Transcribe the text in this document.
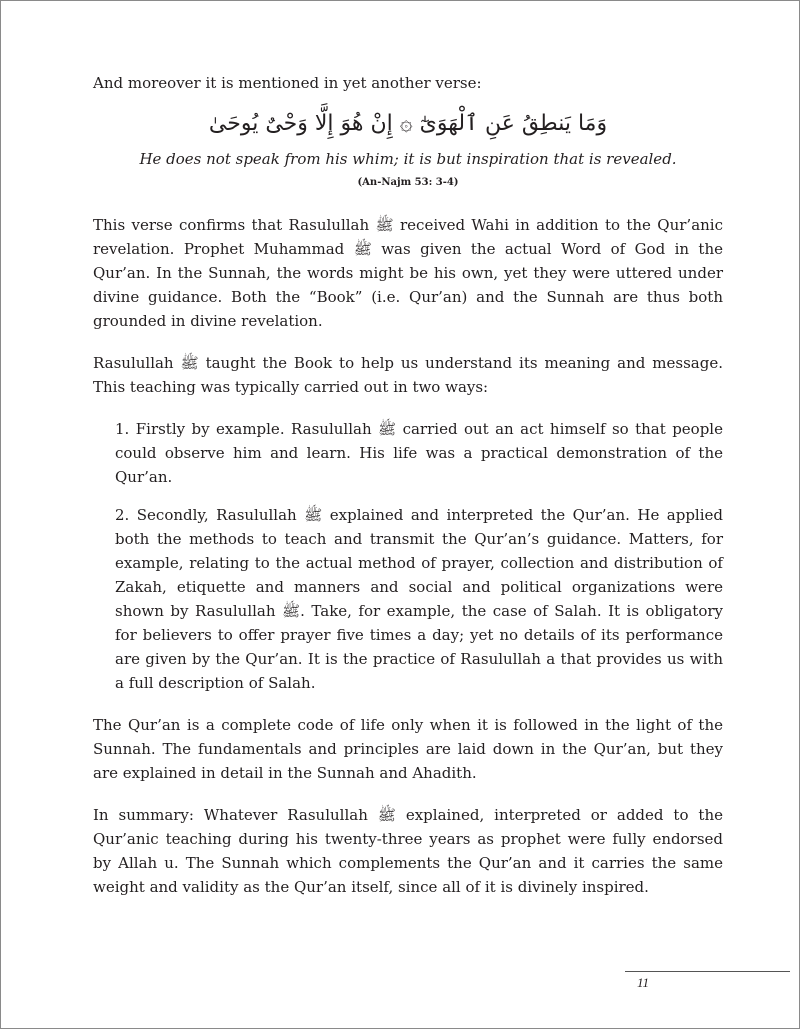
And moreover it is mentioned in yet another verse:

وَمَا يَنطِقُ عَنِ ٱلْهَوَىٰٓ ۞ إِنْ هُوَ إِلَّا وَحْىٌ يُوحَىٰ

He does not speak from his whim; it is but inspiration that is revealed.

(An-Najm 53: 3-4)

This verse confirms that Rasulullah ﷺ received Wahi in addition to the Qur’anic revelation. Prophet Muhammad ﷺ was given the actual Word of God in the Qur’an. In the Sunnah, the words might be his own, yet they were uttered under divine guidance. Both the “Book” (i.e. Qur’an) and the Sunnah are thus both grounded in divine revelation.

Rasulullah ﷺ taught the Book to help us understand its meaning and message. This teaching was typically carried out in two ways:

1. Firstly by example. Rasulullah ﷺ carried out an act himself so that people could observe him and learn. His life was a practical demonstration of the Qur’an.
2. Secondly, Rasulullah ﷺ explained and interpreted the Qur’an. He applied both the methods to teach and transmit the Qur’an’s guidance. Matters, for example, relating to the actual method of prayer, collection and distribution of Zakah, etiquette and manners and social and political organizations were shown by Rasulullah ﷺ. Take, for example, the case of Salah. It is obligatory for believers to offer prayer five times a day; yet no details of its performance are given by the Qur’an. It is the practice of Rasulullah a that provides us with a full description of Salah.

The Qur’an is a complete code of life only when it is followed in the light of the Sunnah. The fundamentals and principles are laid down in the Qur’an, but they are explained in detail in the Sunnah and Ahadith.

In summary: Whatever Rasulullah ﷺ explained, interpreted or added to the Qur’anic teaching during his twenty-three years as prophet were fully endorsed by Allah u. The Sunnah which complements the Qur’an and it carries the same weight and validity as the Qur’an itself, since all of it is divinely inspired.

11
